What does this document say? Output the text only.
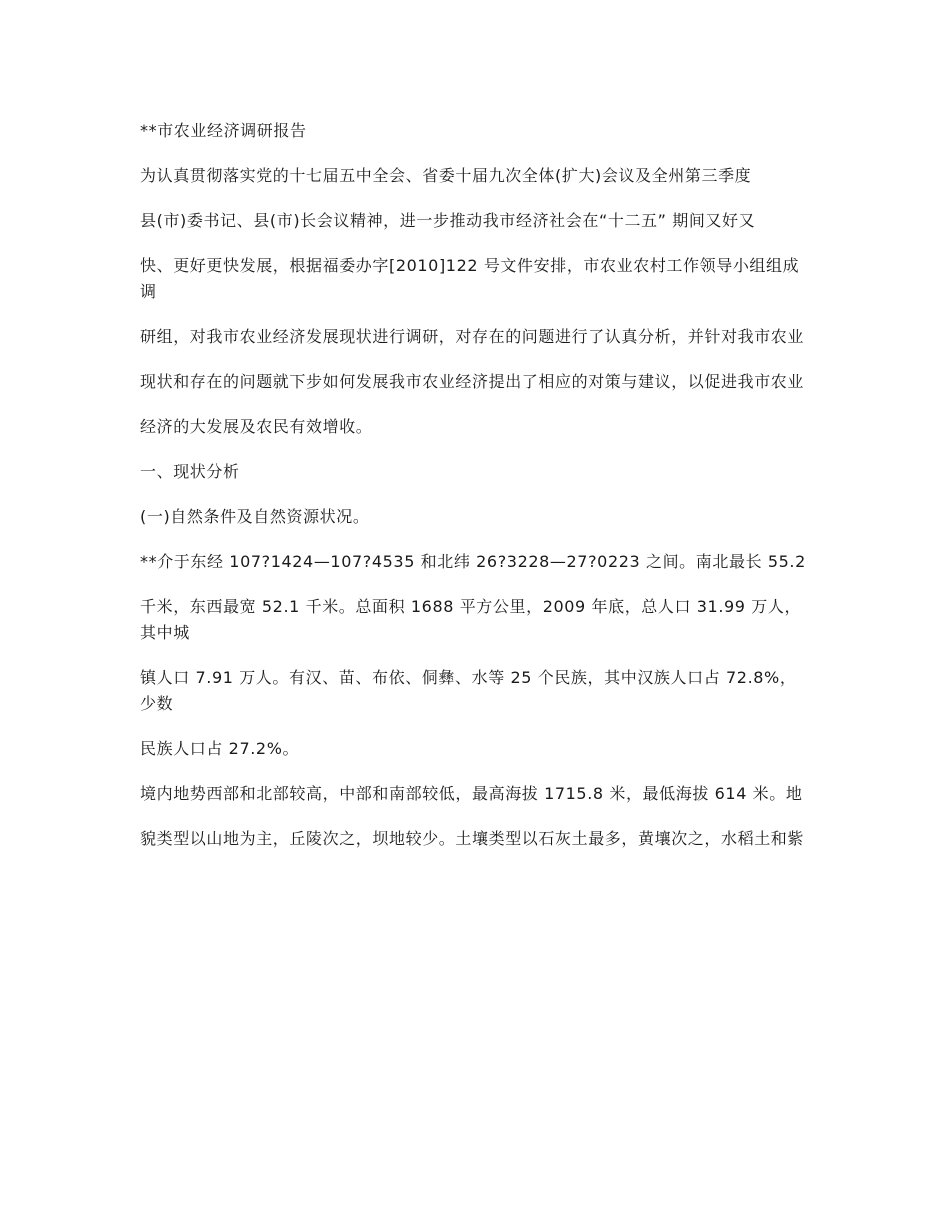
**市农业经济调研报告

为认真贯彻落实党的十七届五中全会、省委十届九次全体(扩大)会议及全州第三季度

县(市)委书记、县(市)长会议精神，进一步推动我市经济社会在“十二五” 期间又好又

快、更好更快发展，根据福委办字[2010]122 号文件安排，市农业农村工作领导小组组成调

研组，对我市农业经济发展现状进行调研，对存在的问题进行了认真分析，并针对我市农业

现状和存在的问题就下步如何发展我市农业经济提出了相应的对策与建议，以促进我市农业

经济的大发展及农民有效增收。

一、现状分析

(一)自然条件及自然资源状况。

**介于东经 107?1424—107?4535 和北纬 26?3228—27?0223 之间。南北最长 55.2

千米，东西最宽 52.1 千米。总面积 1688 平方公里，2009 年底，总人口 31.99 万人，其中城

镇人口 7.91 万人。有汉、苗、布依、侗彝、水等 25 个民族，其中汉族人口占 72.8%，少数

民族人口占 27.2%。

境内地势西部和北部较高，中部和南部较低，最高海拔 1715.8 米，最低海拔 614 米。地

貌类型以山地为主，丘陵次之，坝地较少。土壤类型以石灰土最多，黄壤次之，水稻土和紫
